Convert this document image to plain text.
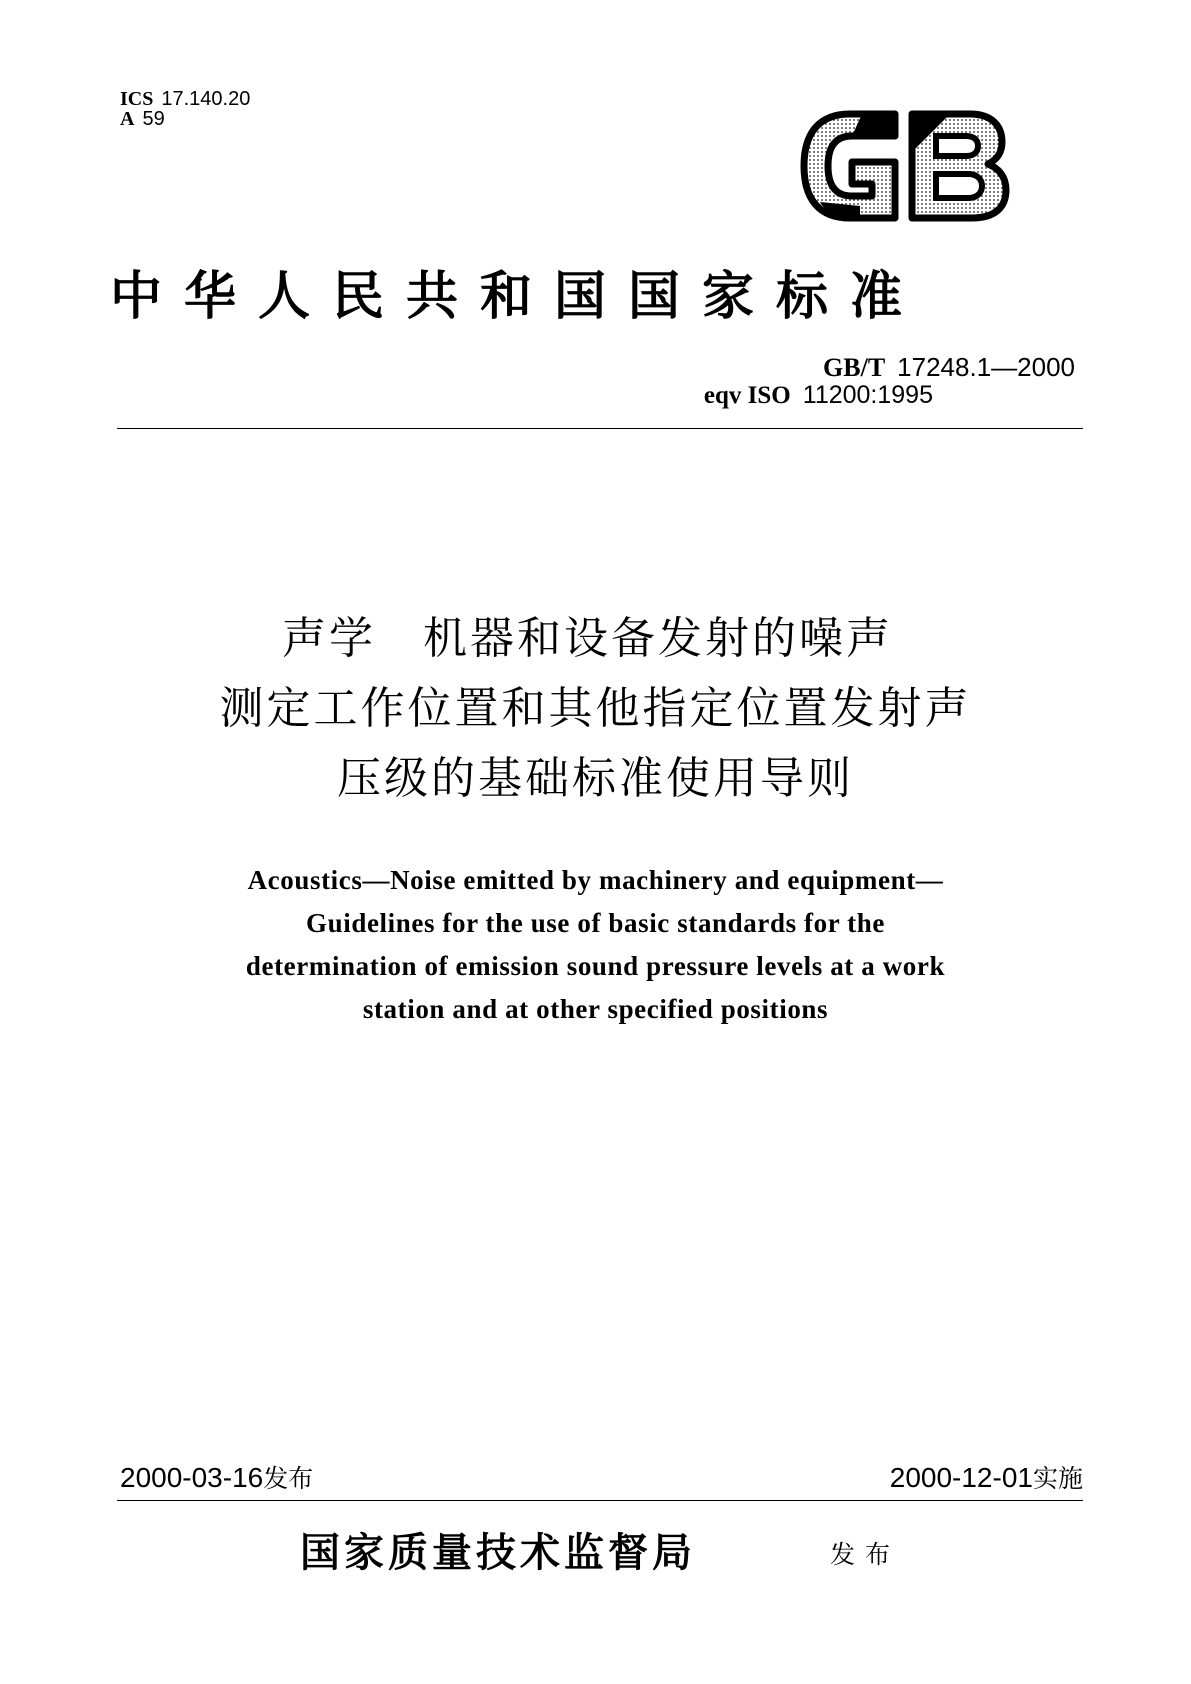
ICS 17.140.20
A 59
中华人民共和国国家标准
GB/T 17248.1—2000
eqv ISO 11200:1995
声学　机器和设备发射的噪声
测定工作位置和其他指定位置发射声
压级的基础标准使用导则
Acoustics—Noise emitted by machinery and equipment—
Guidelines for the use of basic standards for the
determination of emission sound pressure levels at a work
station and at other specified positions
2000-03-16发布	2000-12-01实施
国家质量技术监督局	发布
